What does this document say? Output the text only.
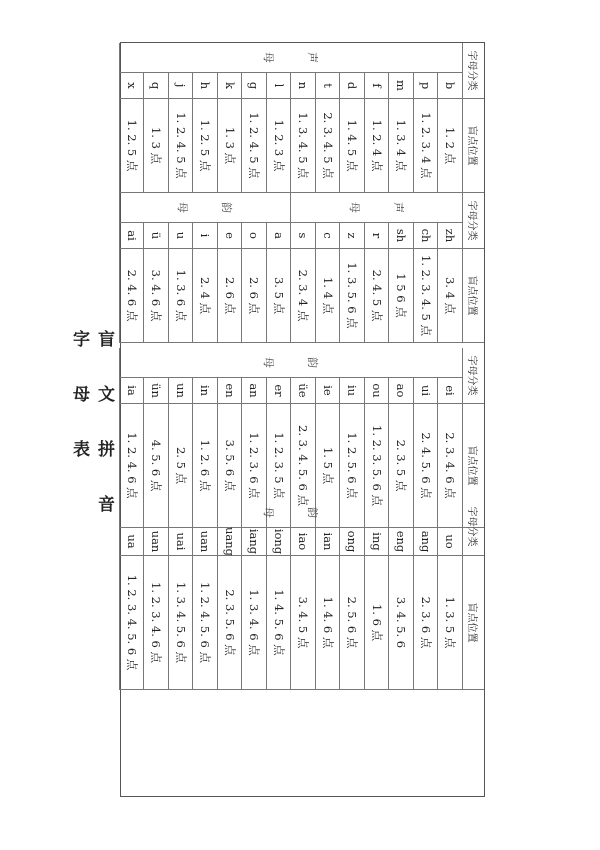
盲 文 拼 音 字 母 表
字母分类
盲点位置
声
母
b
1. 2 点
p
1. 2. 3. 4 点
m
1. 3. 4 点
f
1. 2. 4 点
d
1. 4. 5 点
t
2. 3. 4. 5 点
n
1. 3. 4. 5 点
l
1. 2. 3 点
g
1. 2. 4. 5 点
k
1. 3 点
h
1. 2. 5 点
j
1. 2. 4. 5 点
q
1. 3 点
x
1. 2. 5 点
字母分类
盲点位置
声
母
zh
3. 4 点
ch
1. 2. 3. 4. 5 点
sh
1 5 6 点
r
2. 4. 5 点
z
1. 3. 5. 6 点
c
1. 4 点
s
2. 3. 4 点
韵
母
a
3. 5 点
o
2. 6 点
e
2. 6 点
i
2. 4 点
u
1. 3. 6 点
ü
3. 4. 6 点
ai
2. 4. 6 点
字母分类
盲点位置
韵
母
ei
2. 3. 4. 6 点
ui
2. 4. 5. 6 点
ao
2. 3. 5 点
ou
1. 2. 3. 5. 6 点
iu
1. 2. 5. 6 点
ie
1. 5 点
üe
2. 3. 4. 5. 6 点
er
1. 2. 3. 5 点
an
1. 2. 3. 6 点
en
3. 5. 6 点
in
1. 2. 6 点
un
2. 5 点
ün
4. 5. 6 点
ia
1. 2. 4. 6 点
字母分类
盲点位置
韵
母
uo
1. 3. 5 点
ang
2. 3. 6 点
eng
3. 4. 5. 6
ing
1. 6 点
ong
2. 5. 6 点
ian
1. 4. 6 点
iao
3. 4. 5 点
iong
1. 4. 5. 6 点
iang
1. 3. 4. 6 点
uang
2. 3. 5. 6 点
uan
1. 2. 4. 5. 6 点
uai
1. 3. 4. 5. 6 点
uan
1. 2. 3. 4. 6 点
ua
1. 2. 3. 4. 5. 6 点
